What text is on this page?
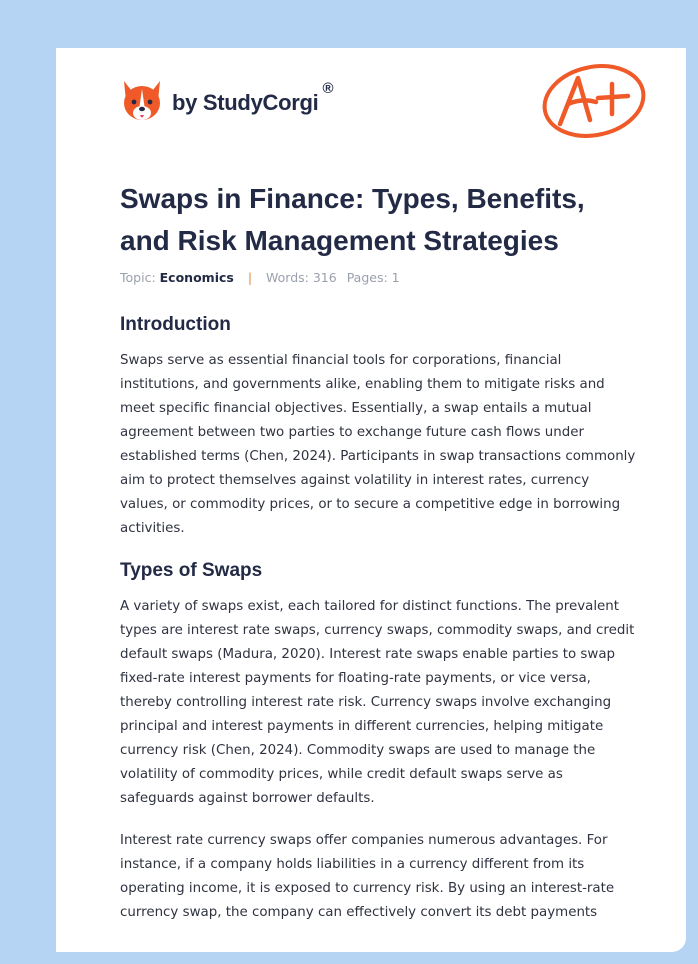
by StudyCorgi®
Swaps in Finance: Types, Benefits, and Risk Management Strategies
Topic: Economics | Words: 316 Pages: 1
Introduction

Swaps serve as essential financial tools for corporations, financial institutions, and governments alike, enabling them to mitigate risks and meet specific financial objectives. Essentially, a swap entails a mutual agreement between two parties to exchange future cash flows under established terms (Chen, 2024). Participants in swap transactions commonly aim to protect themselves against volatility in interest rates, currency values, or commodity prices, or to secure a competitive edge in borrowing activities.

Types of Swaps

A variety of swaps exist, each tailored for distinct functions. The prevalent types are interest rate swaps, currency swaps, commodity swaps, and credit default swaps (Madura, 2020). Interest rate swaps enable parties to swap fixed-rate interest payments for floating-rate payments, or vice versa, thereby controlling interest rate risk. Currency swaps involve exchanging principal and interest payments in different currencies, helping mitigate currency risk (Chen, 2024). Commodity swaps are used to manage the volatility of commodity prices, while credit default swaps serve as safeguards against borrower defaults.

Interest rate currency swaps offer companies numerous advantages. For instance, if a company holds liabilities in a currency different from its operating income, it is exposed to currency risk. By using an interest-rate currency swap, the company can effectively convert its debt payments
